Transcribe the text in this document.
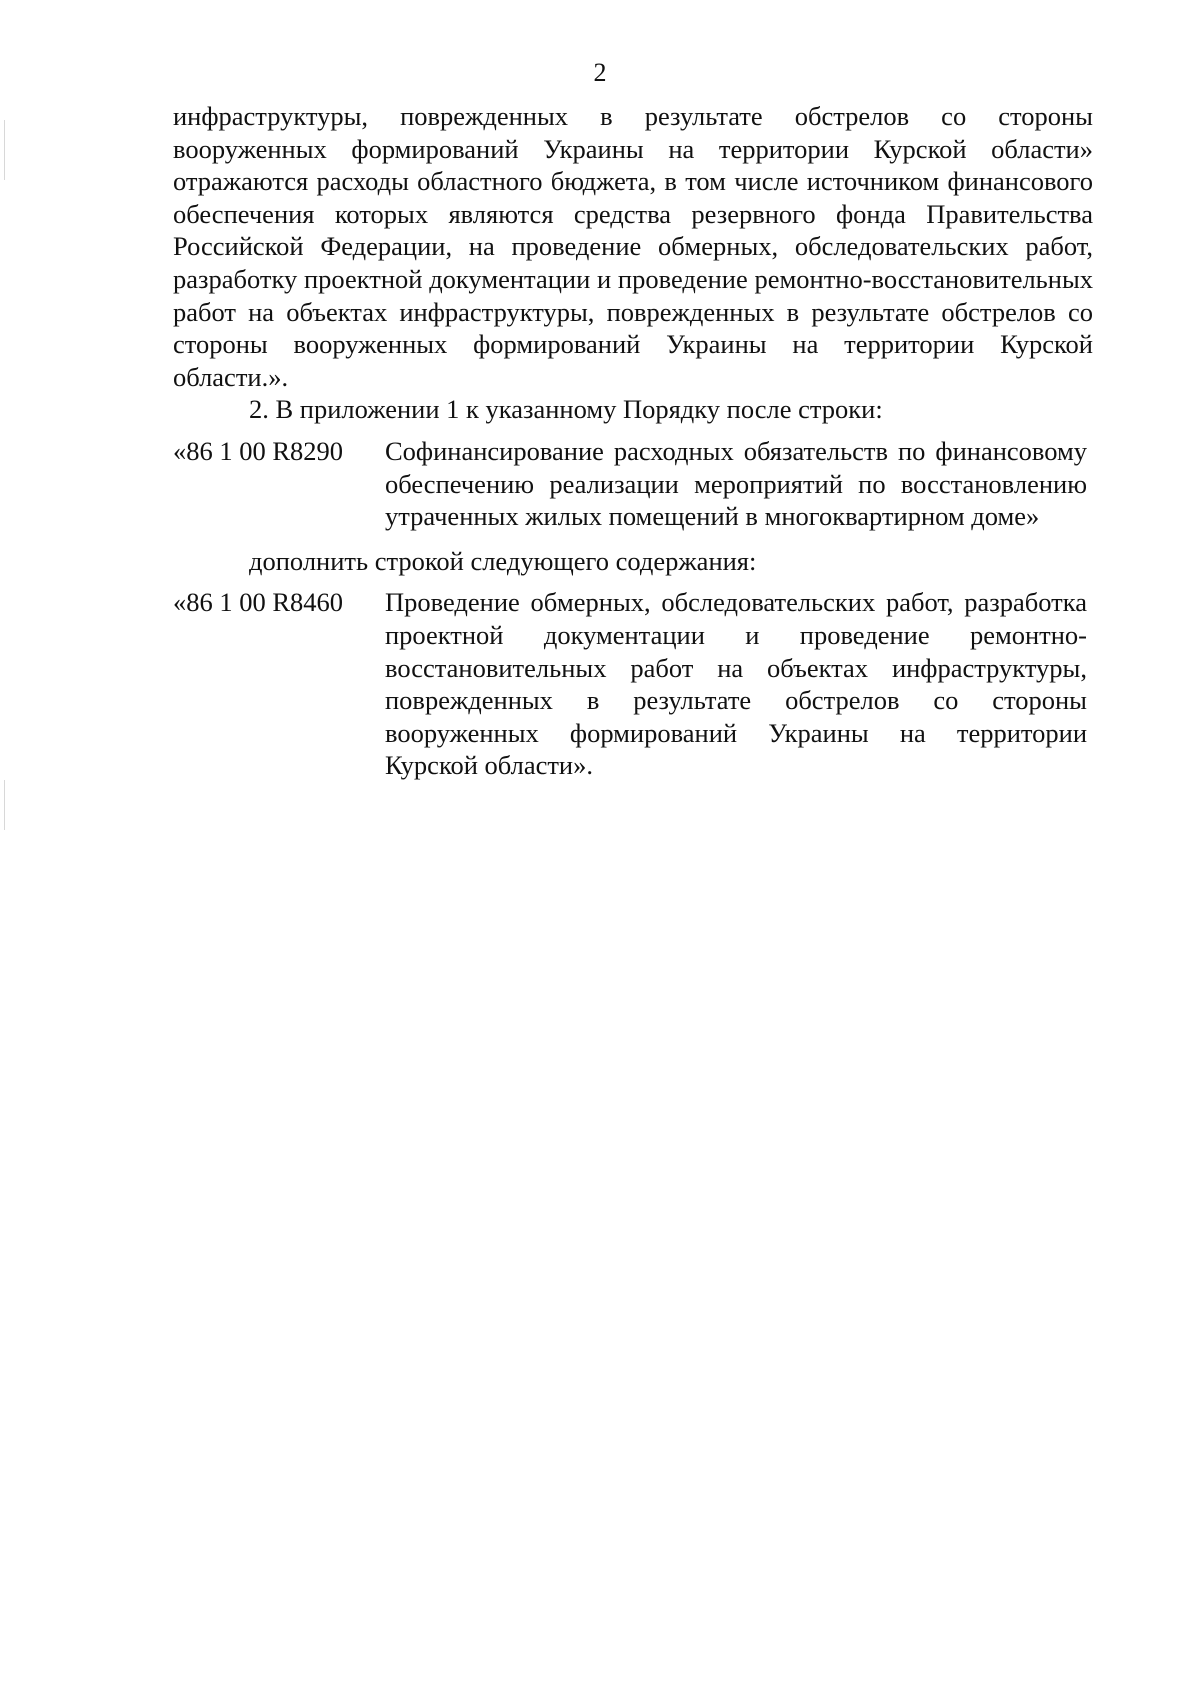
2

инфраструктуры, поврежденных в результате обстрелов со стороны вооруженных формирований Украины на территории Курской области» отражаются расходы областного бюджета, в том числе источником финансового обеспечения которых являются средства резервного фонда Правительства Российской Федерации, на проведение обмерных, обследовательских работ, разработку проектной документации и проведение ремонтно-восстановительных работ на объектах инфраструктуры, поврежденных в результате обстрелов со стороны вооруженных формирований Украины на территории Курской области.».

2. В приложении 1 к указанному Порядку после строки:

«86 1 00 R8290	Софинансирование расходных обязательств по финансовому обеспечению реализации мероприятий по восстановлению утраченных жилых помещений в многоквартирном доме»

дополнить строкой следующего содержания:

«86 1 00 R8460	Проведение обмерных, обследовательских работ, разработка проектной документации и проведение ремонтно-восстановительных работ на объектах инфраструктуры, поврежденных в результате обстрелов со стороны вооруженных формирований Украины на территории Курской области».
